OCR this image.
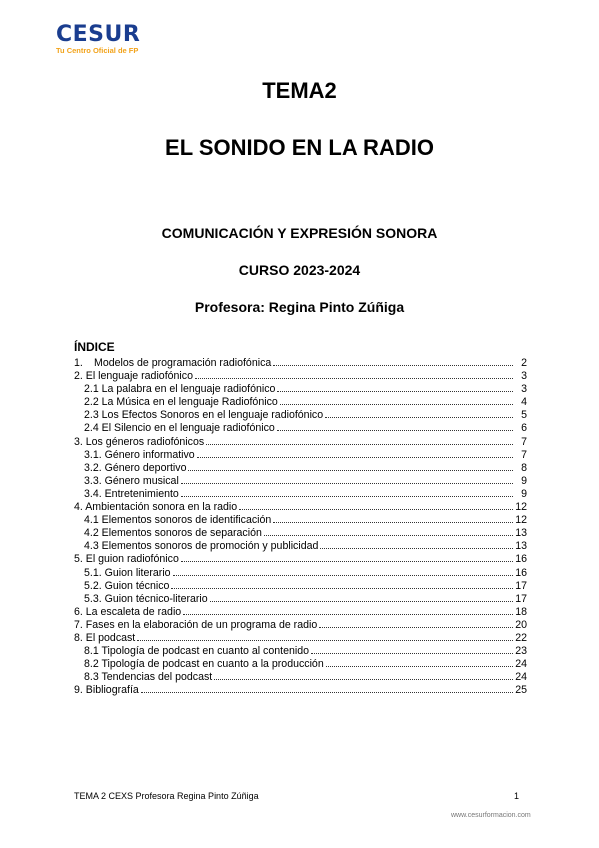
CESUR
Tu Centro Oficial de FP
TEMA2
EL SONIDO EN LA RADIO
COMUNICACIÓN Y EXPRESIÓN SONORA
CURSO 2023-2024
Profesora: Regina Pinto Zúñiga
ÍNDICE
1.	Modelos de programación radiofónica	2
2. El lenguaje radiofónico	3
2.1 La palabra en el lenguaje radiofónico	3
2.2 La Música en el lenguaje Radiofónico	4
2.3 Los Efectos Sonoros en el lenguaje radiofónico	5
2.4 El Silencio en el lenguaje radiofónico	6
3. Los géneros radiofónicos	7
3.1. Género informativo	7
3.2. Género deportivo	8
3.3. Género musical	9
3.4. Entretenimiento	9
4. Ambientación sonora en la radio	12
4.1 Elementos sonoros de identificación	12
4.2 Elementos sonoros de separación	13
4.3 Elementos sonoros de promoción y publicidad	13
5. El guion radiofónico	16
5.1. Guion literario	16
5.2. Guion técnico	17
5.3. Guion técnico-literario	17
6. La escaleta de radio	18
7. Fases en la elaboración de un programa de radio	20
8. El podcast	22
8.1 Tipología de podcast en cuanto al contenido	23
8.2 Tipología de podcast en cuanto a la producción	24
8.3 Tendencias del podcast	24
9. Bibliografía	25
TEMA 2 CEXS Profesora Regina Pinto Zúñiga	1
www.cesurformacion.com
